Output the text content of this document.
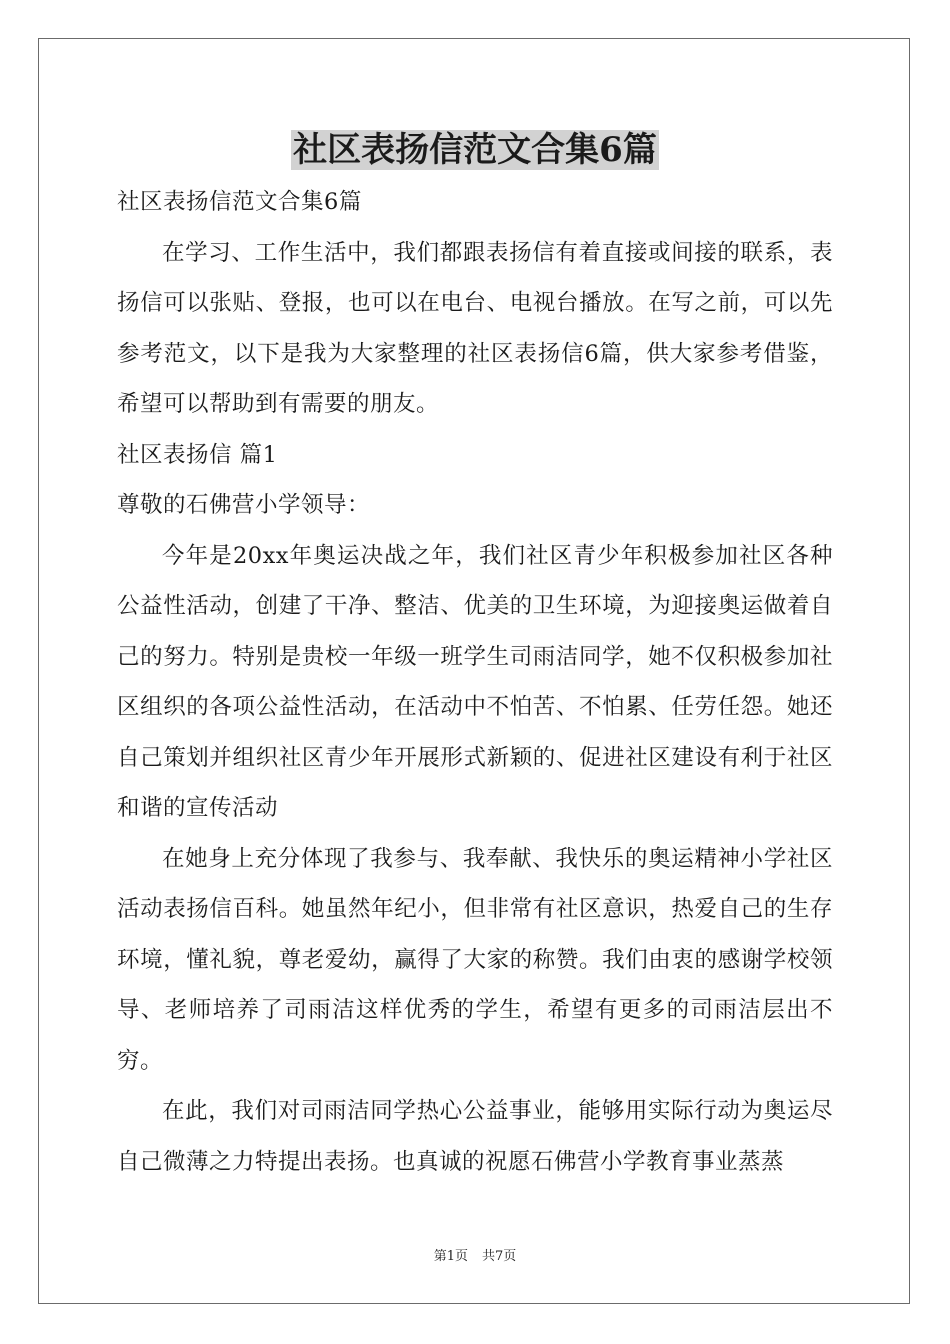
社区表扬信范文合集6篇

社区表扬信范文合集6篇

在学习、工作生活中，我们都跟表扬信有着直接或间接的联系，表扬信可以张贴、登报，也可以在电台、电视台播放。在写之前，可以先参考范文，以下是我为大家整理的社区表扬信6篇，供大家参考借鉴，希望可以帮助到有需要的朋友。

社区表扬信 篇1

尊敬的石佛营小学领导：

今年是20xx年奥运决战之年，我们社区青少年积极参加社区各种公益性活动，创建了干净、整洁、优美的卫生环境，为迎接奥运做着自己的努力。特别是贵校一年级一班学生司雨洁同学，她不仅积极参加社区组织的各项公益性活动，在活动中不怕苦、不怕累、任劳任怨。她还自己策划并组织社区青少年开展形式新颖的、促进社区建设有利于社区和谐的宣传活动

在她身上充分体现了我参与、我奉献、我快乐的奥运精神小学社区活动表扬信百科。她虽然年纪小，但非常有社区意识，热爱自己的生存环境，懂礼貌，尊老爱幼，赢得了大家的称赞。我们由衷的感谢学校领导、老师培养了司雨洁这样优秀的学生，希望有更多的司雨洁层出不穷。

在此，我们对司雨洁同学热心公益事业，能够用实际行动为奥运尽自己微薄之力特提出表扬。也真诚的祝愿石佛营小学教育事业蒸蒸

第1页 共7页
